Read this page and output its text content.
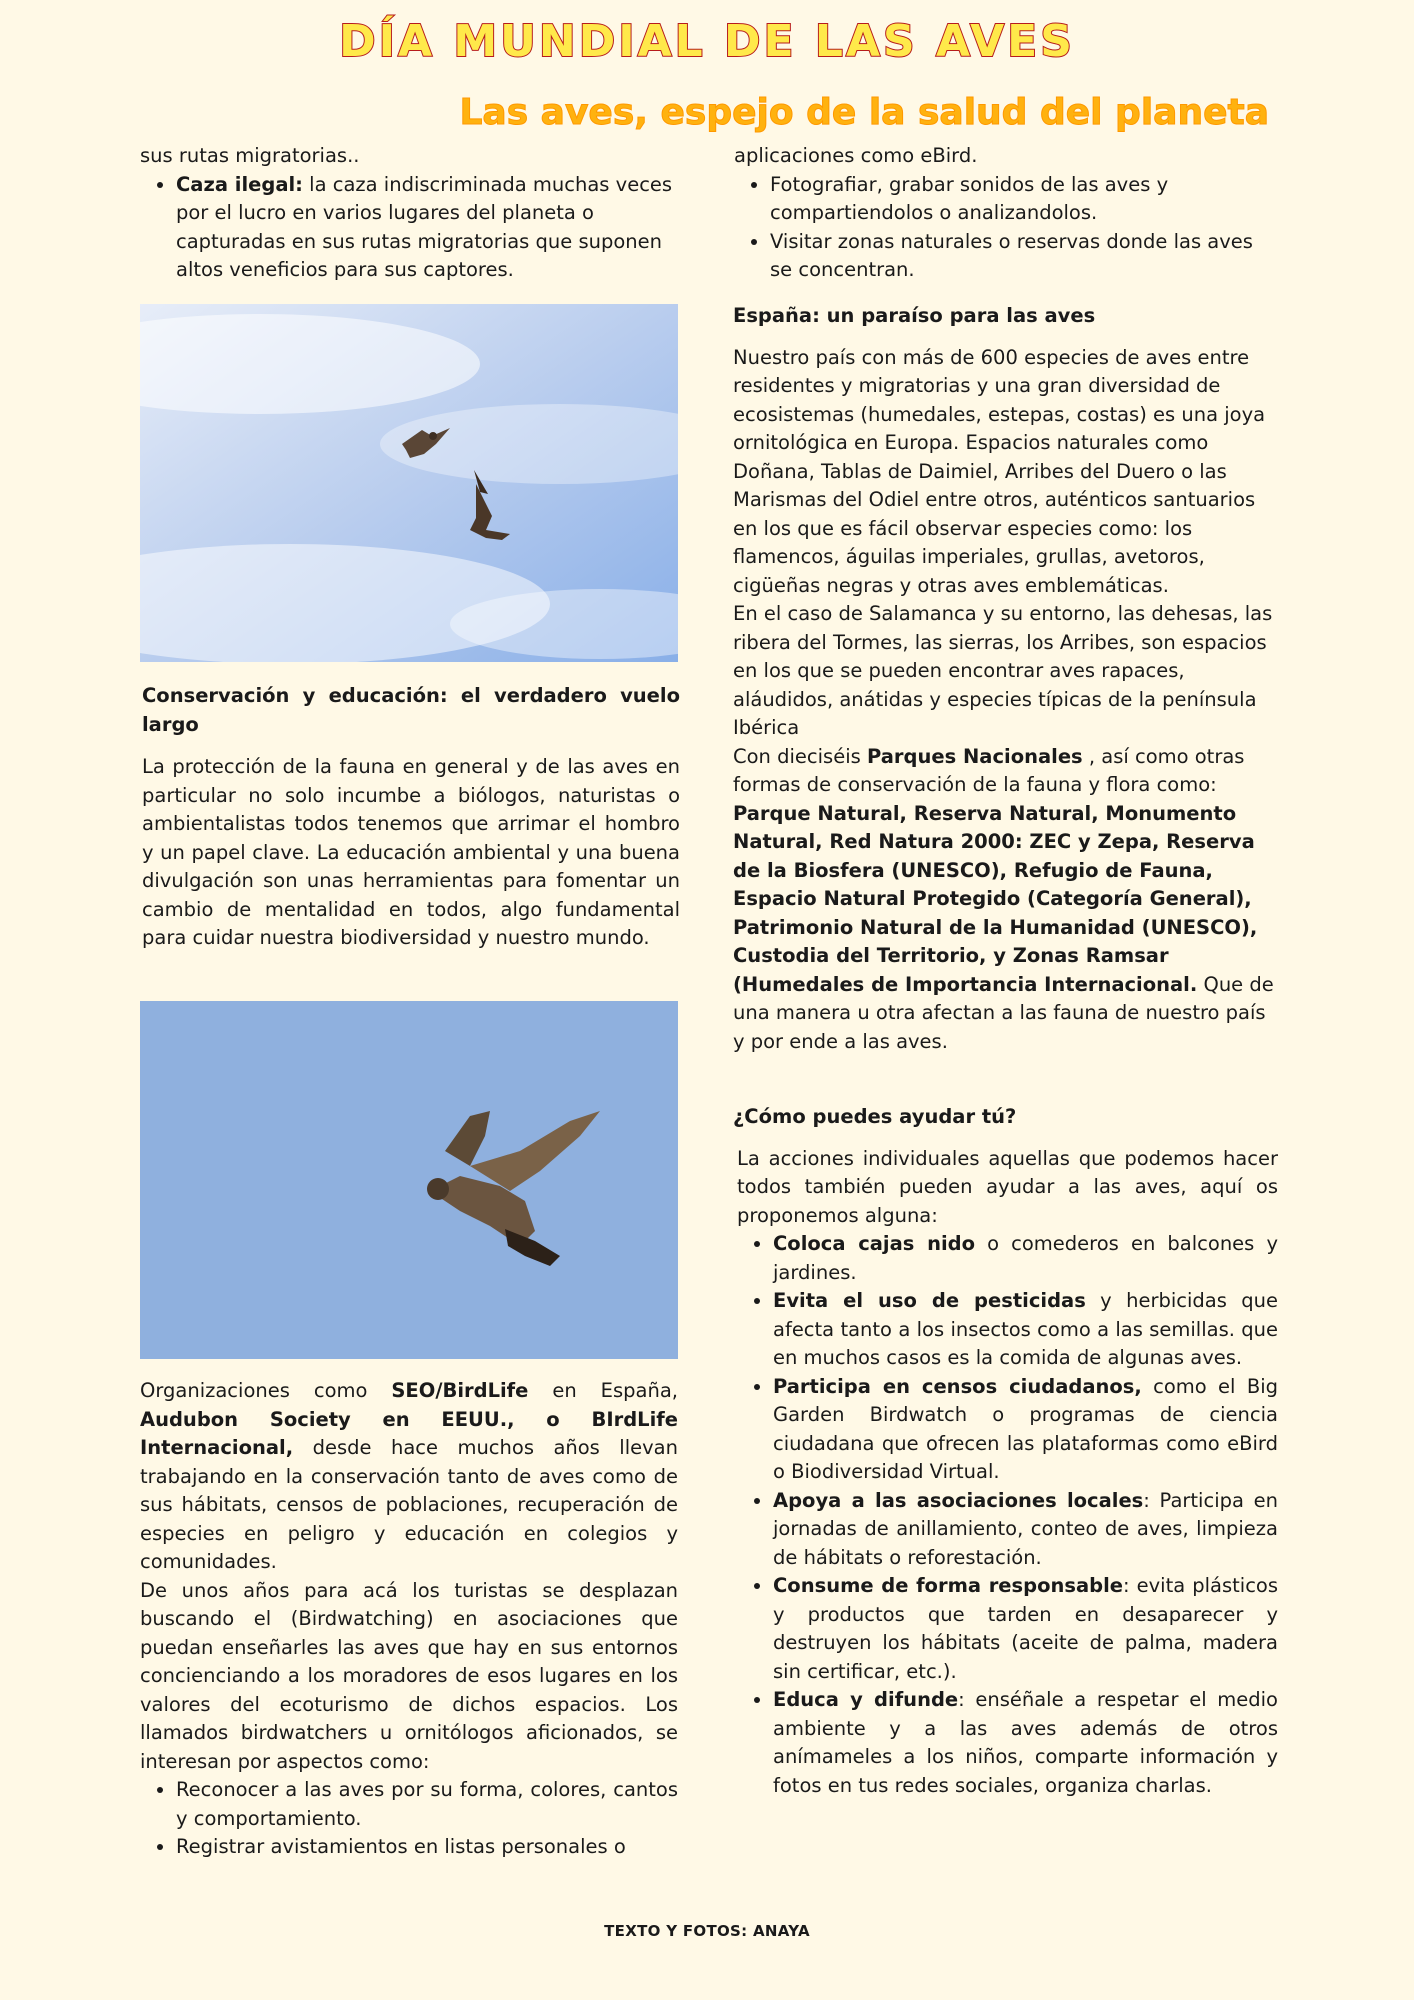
DÍA MUNDIAL DE LAS AVES
Las aves, espejo de la salud del planeta

sus rutas migratorias..

• Caza ilegal: la caza indiscriminada muchas veces por el lucro en varios lugares del planeta o capturadas en sus rutas migratorias que suponen altos veneficios para sus captores.

Conservación y educación: el verdadero vuelo largo

La protección de la fauna en general y de las aves en particular no solo incumbe a biólogos, naturistas o ambientalistas todos tenemos que arrimar el hombro y un papel clave. La educación ambiental y una buena divulgación son unas herramientas para fomentar un cambio de mentalidad en todos, algo fundamental para cuidar nuestra biodiversidad y nuestro mundo.

Organizaciones como SEO/BirdLife en España, Audubon Society en EEUU., o BIrdLife Internacional, desde hace muchos años llevan trabajando en la conservación tanto de aves como de sus hábitats, censos de poblaciones, recuperación de especies en peligro y educación en colegios y comunidades.

De unos años para acá los turistas se desplazan buscando el (Birdwatching) en asociaciones que puedan enseñarles las aves que hay en sus entornos concienciando a los moradores de esos lugares en los valores del ecoturismo de dichos espacios. Los llamados birdwatchers u ornitólogos aficionados, se interesan por aspectos como:

• Reconocer a las aves por su forma, colores, cantos y comportamiento.
• Registrar avistamientos en listas personales o

aplicaciones como eBird.

• Fotografiar, grabar sonidos de las aves y compartiendolos o analizandolos.
• Visitar zonas naturales o reservas donde las aves se concentran.

España: un paraíso para las aves

Nuestro país con más de 600 especies de aves entre residentes y migratorias y una gran diversidad de ecosistemas (humedales, estepas, costas) es una joya ornitológica en Europa. Espacios naturales como Doñana, Tablas de Daimiel, Arribes del Duero o las Marismas del Odiel entre otros, auténticos santuarios en los que es fácil observar especies como: los flamencos, águilas imperiales, grullas, avetoros, cigüeñas negras y otras aves emblemáticas.

En el caso de Salamanca y su entorno, las dehesas, las ribera del Tormes, las sierras, los Arribes, son espacios en los que se pueden encontrar aves rapaces, aláudidos, anátidas y especies típicas de la península Ibérica

Con dieciséis Parques Nacionales , así como otras formas de conservación de la fauna y flora como: Parque Natural, Reserva Natural, Monumento Natural, Red Natura 2000: ZEC y Zepa, Reserva de la Biosfera (UNESCO), Refugio de Fauna, Espacio Natural Protegido (Categoría General), Patrimonio Natural de la Humanidad (UNESCO), Custodia del Territorio, y Zonas Ramsar (Humedales de Importancia Internacional. Que de una manera u otra afectan a las fauna de nuestro país y por ende a las aves.

¿Cómo puedes ayudar tú?

La acciones individuales aquellas que podemos hacer todos también pueden ayudar a las aves, aquí os proponemos alguna:

• Coloca cajas nido o comederos en balcones y jardines.
• Evita el uso de pesticidas y herbicidas que afecta tanto a los insectos como a las semillas. que en muchos casos es la comida de algunas aves.
• Participa en censos ciudadanos, como el Big Garden Birdwatch o programas de ciencia ciudadana que ofrecen las plataformas como eBird o Biodiversidad Virtual.
• Apoya a las asociaciones locales: Participa en jornadas de anillamiento, conteo de aves, limpieza de hábitats o reforestación.
• Consume de forma responsable: evita plásticos y productos que tarden en desaparecer y destruyen los hábitats (aceite de palma, madera sin certificar, etc.).
• Educa y difunde: enséñale a respetar el medio ambiente y a las aves además de otros anímameles a los niños, comparte información y fotos en tus redes sociales, organiza charlas.
TEXTO Y FOTOS: ANAYA
